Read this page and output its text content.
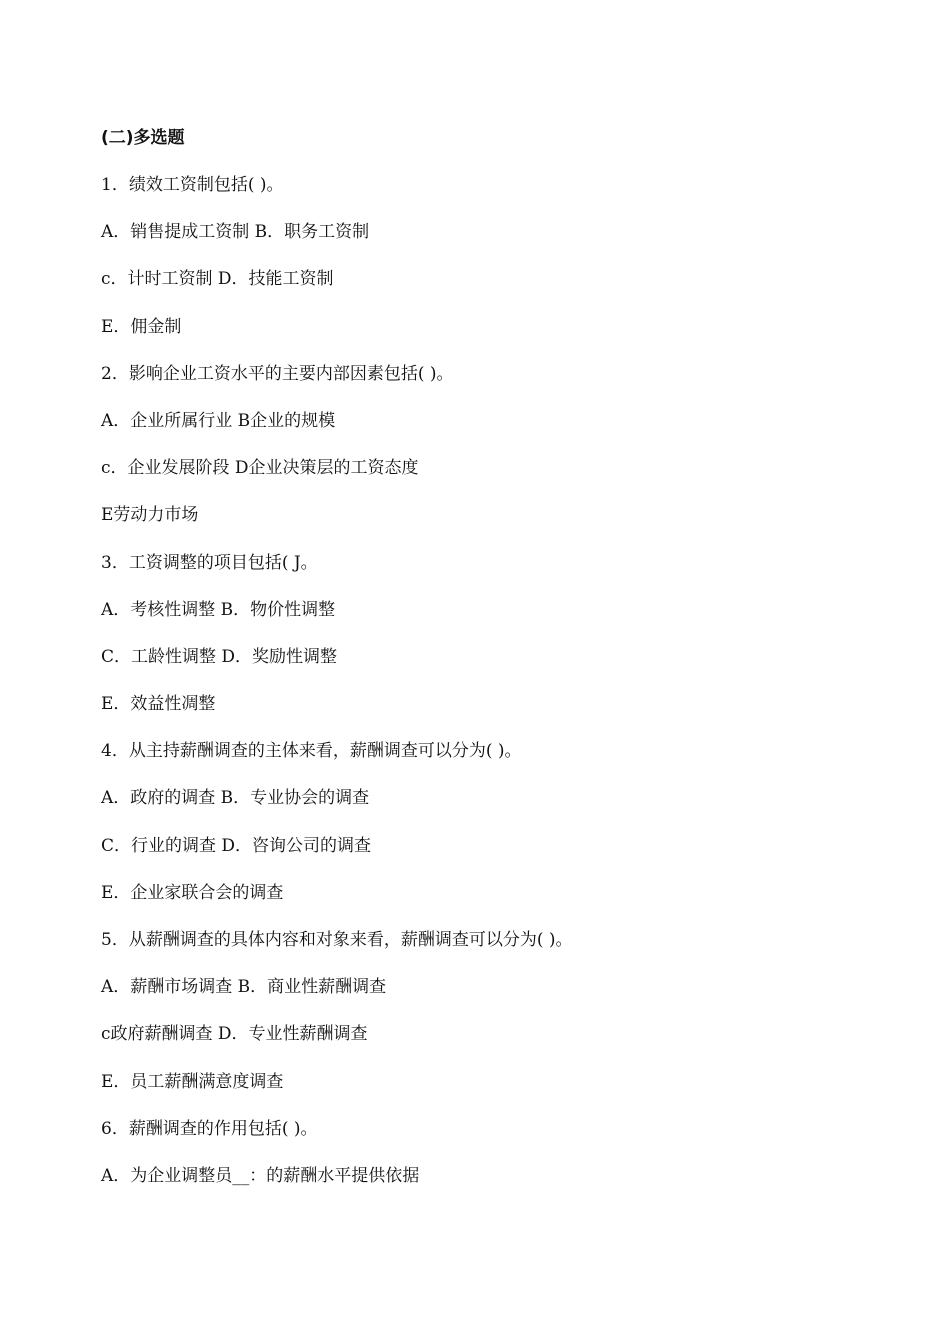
(二)多选题
1．绩效工资制包括( )。
A．销售提成工资制 B．职务工资制
c．计时工资制 D．技能工资制
E．佣金制
2．影响企业工资水平的主要内部因素包括( )。
A．企业所属行业 B企业的规模
c．企业发展阶段 D企业决策层的工资态度
E劳动力巿场
3．工资调整的项目包括( J。
A．考核性调整 B．物价性调整
C．工龄性调整 D．奖励性调整
E．效益性凋整
4．从主持薪酬调查的主体来看，薪酬调查可以分为( )。
A．政府的调查 B．专业协会的调查
C．行业的调查 D．咨询公司的调查
E．企业家联合会的调查
5．从薪酬调查的具体内容和对象来看，薪酬调查可以分为( )。
A．薪酬市场调查 B．商业性薪酬调查
c政府薪酬调查 D．专业性薪酬调查
E．员工薪酬满意度调查
6．薪酬调查的作用包括( )。
A．为企业调整员__：的薪酬水平提供依据
